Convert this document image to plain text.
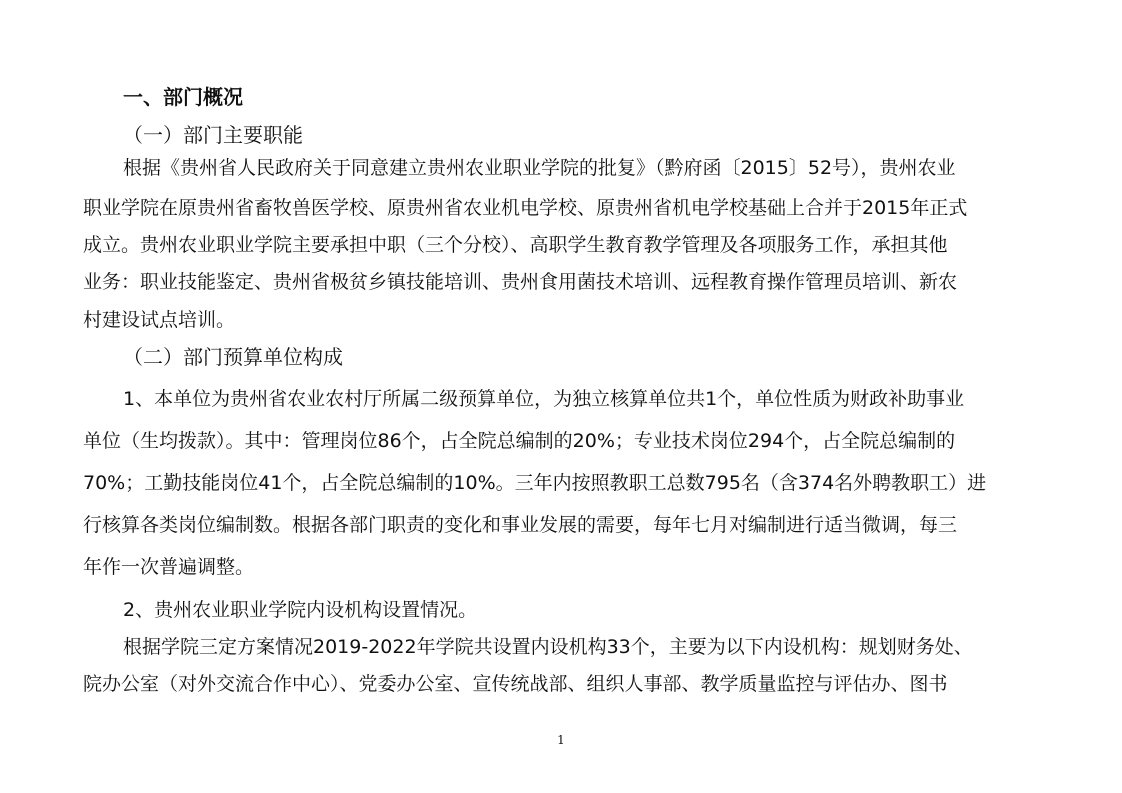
一、部门概况
（一）部门主要职能
根据《贵州省人民政府关于同意建立贵州农业职业学院的批复》（黔府函〔2015〕52号），贵州农业
职业学院在原贵州省畜牧兽医学校、原贵州省农业机电学校、原贵州省机电学校基础上合并于2015年正式
成立。贵州农业职业学院主要承担中职（三个分校）、高职学生教育教学管理及各项服务工作，承担其他
业务：职业技能鉴定、贵州省极贫乡镇技能培训、贵州食用菌技术培训、远程教育操作管理员培训、新农
村建设试点培训。
（二）部门预算单位构成
1、本单位为贵州省农业农村厅所属二级预算单位，为独立核算单位共1个，单位性质为财政补助事业
单位（生均拨款）。其中：管理岗位86个，占全院总编制的20%；专业技术岗位294个，占全院总编制的
70%；工勤技能岗位41个，占全院总编制的10%。三年内按照教职工总数795名（含374名外聘教职工）进
行核算各类岗位编制数。根据各部门职责的变化和事业发展的需要，每年七月对编制进行适当微调，每三
年作一次普遍调整。
2、贵州农业职业学院内设机构设置情况。
根据学院三定方案情况2019-2022年学院共设置内设机构33个，主要为以下内设机构：规划财务处、
院办公室（对外交流合作中心）、党委办公室、宣传统战部、组织人事部、教学质量监控与评估办、图书
1
